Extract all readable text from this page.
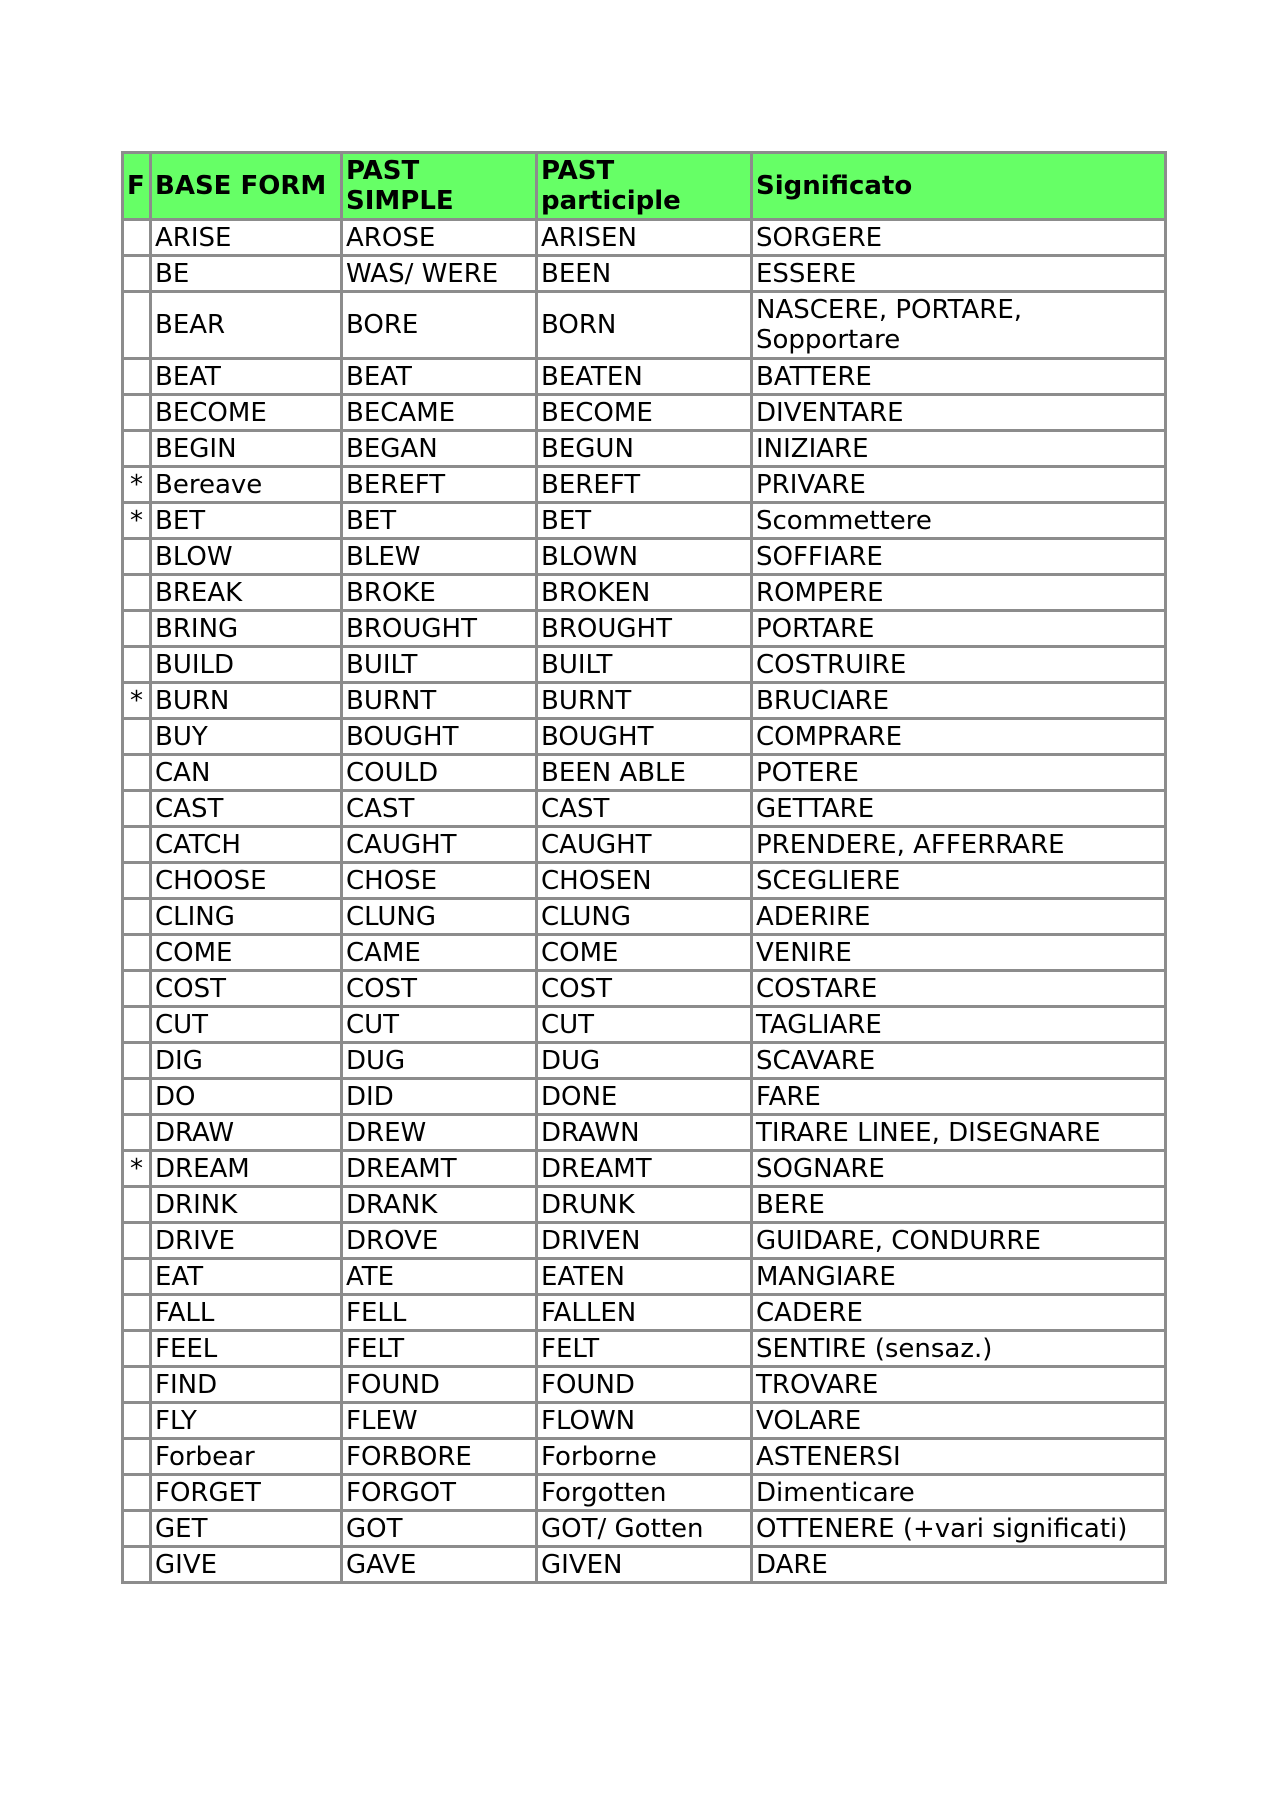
F	BASE FORM	PAST SIMPLE	PAST participle	Significato
	ARISE	AROSE	ARISEN	SORGERE
	BE	WAS/ WERE	BEEN	ESSERE
	BEAR	BORE	BORN	NASCERE, PORTARE, Sopportare
	BEAT	BEAT	BEATEN	BATTERE
	BECOME	BECAME	BECOME	DIVENTARE
	BEGIN	BEGAN	BEGUN	INIZIARE
*	Bereave	BEREFT	BEREFT	PRIVARE
*	BET	BET	BET	Scommettere
	BLOW	BLEW	BLOWN	SOFFIARE
	BREAK	BROKE	BROKEN	ROMPERE
	BRING	BROUGHT	BROUGHT	PORTARE
	BUILD	BUILT	BUILT	COSTRUIRE
*	BURN	BURNT	BURNT	BRUCIARE
	BUY	BOUGHT	BOUGHT	COMPRARE
	CAN	COULD	BEEN ABLE	POTERE
	CAST	CAST	CAST	GETTARE
	CATCH	CAUGHT	CAUGHT	PRENDERE, AFFERRARE
	CHOOSE	CHOSE	CHOSEN	SCEGLIERE
	CLING	CLUNG	CLUNG	ADERIRE
	COME	CAME	COME	VENIRE
	COST	COST	COST	COSTARE
	CUT	CUT	CUT	TAGLIARE
	DIG	DUG	DUG	SCAVARE
	DO	DID	DONE	FARE
	DRAW	DREW	DRAWN	TIRARE LINEE, DISEGNARE
*	DREAM	DREAMT	DREAMT	SOGNARE
	DRINK	DRANK	DRUNK	BERE
	DRIVE	DROVE	DRIVEN	GUIDARE, CONDURRE
	EAT	ATE	EATEN	MANGIARE
	FALL	FELL	FALLEN	CADERE
	FEEL	FELT	FELT	SENTIRE (sensaz.)
	FIND	FOUND	FOUND	TROVARE
	FLY	FLEW	FLOWN	VOLARE
	Forbear	FORBORE	Forborne	ASTENERSI
	FORGET	FORGOT	Forgotten	Dimenticare
	GET	GOT	GOT/ Gotten	OTTENERE (+vari significati)
	GIVE	GAVE	GIVEN	DARE
